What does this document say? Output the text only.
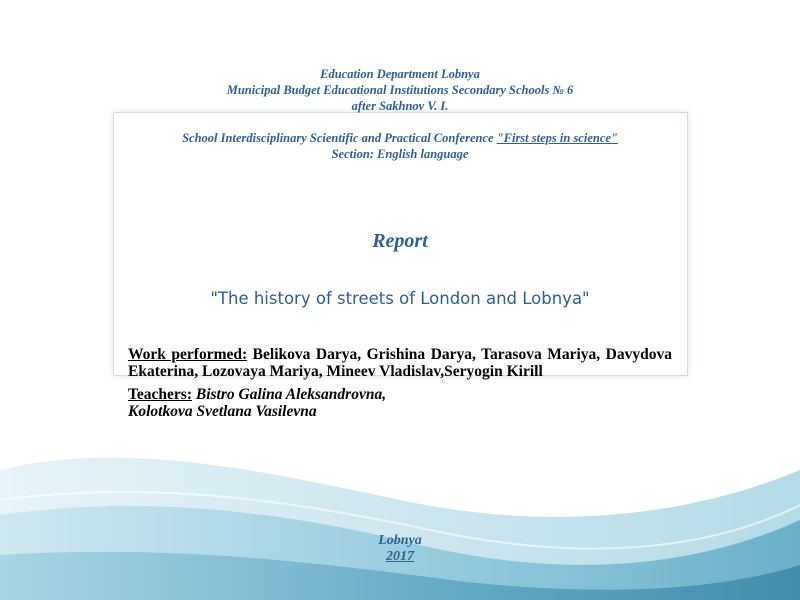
Education Department Lobnya
Municipal Budget Educational Institutions Secondary Schools № 6
after Sakhnov V. I.
School Interdisciplinary Scientific and Practical Conference "First steps in science"
Section: English language
Report
"The history of streets of London and Lobnya"

Work performed: Belikova Darya, Grishina Darya, Tarasova Mariya, Davydova Ekaterina, Lozovaya Mariya, Mineev Vladislav,Seryogin Kirill

Teachers: Bistro Galina Aleksandrovna,
Kolotkova Svetlana Vasilevna

Lobnya
2017
